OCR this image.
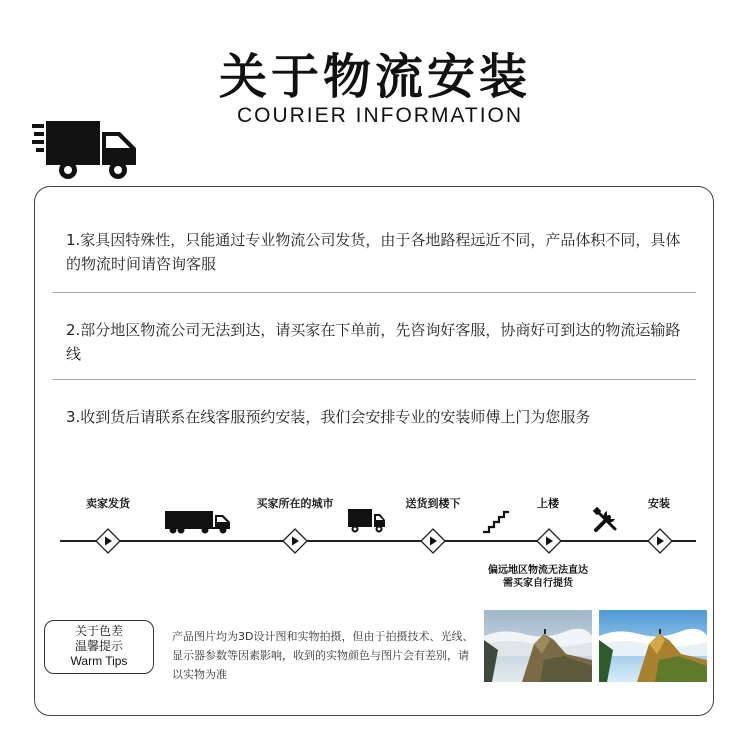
关于物流安装
COURIER INFORMATION
1.家具因特殊性，只能通过专业物流公司发货，由于各地路程远近不同，产品体积不同，具体的物流时间请咨询客服
2.部分地区物流公司无法到达，请买家在下单前，先咨询好客服，协商好可到达的物流运输路线
3.收到货后请联系在线客服预约安装，我们会安排专业的安装师傅上门为您服务
卖家发货	买家所在的城市	送货到楼下	上楼	安装
偏远地区物流无法直达
需买家自行提货
关于色差
温馨提示
Warm Tips
产品图片均为3D设计图和实物拍摄，但由于拍摄技术、光线、显示器参数等因素影响，收到的实物颜色与图片会有差别，请以实物为准
